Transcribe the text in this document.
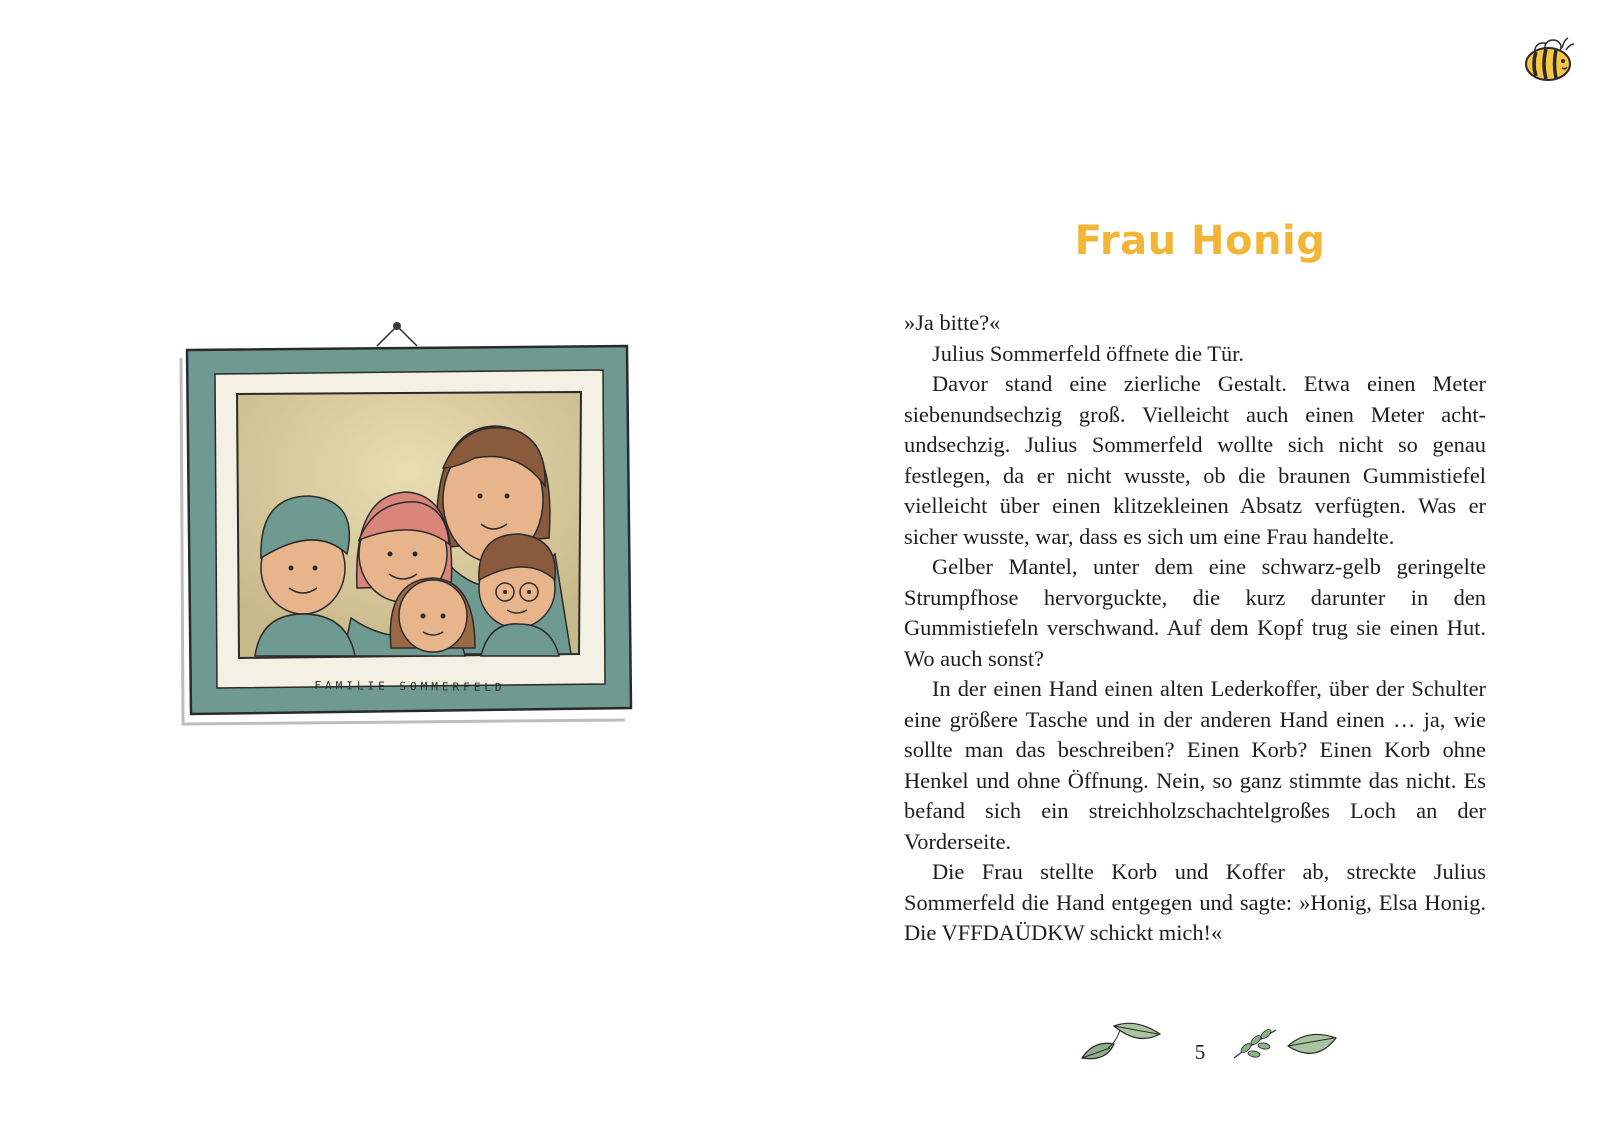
FAMILIE SOMMERFELD
Frau Honig

»Ja bitte?«

Julius Sommerfeld öffnete die Tür.

Davor stand eine zierliche Gestalt. Etwa einen Meter siebenundsechzig groß. Vielleicht auch einen Meter achtundsechzig. Julius Sommerfeld wollte sich nicht so genau festlegen, da er nicht wusste, ob die braunen Gummistiefel vielleicht über einen klitzekleinen Absatz verfügten. Was er sicher wusste, war, dass es sich um eine Frau handelte.

Gelber Mantel, unter dem eine schwarz-gelb geringelte Strumpfhose hervorguckte, die kurz darunter in den Gummistiefeln verschwand. Auf dem Kopf trug sie einen Hut. Wo auch sonst?

In der einen Hand einen alten Lederkoffer, über der Schulter eine größere Tasche und in der anderen Hand einen … ja, wie sollte man das beschreiben? Einen Korb? Einen Korb ohne Henkel und ohne Öffnung. Nein, so ganz stimmte das nicht. Es befand sich ein streichholzschachtelgroßes Loch an der Vorderseite.

Die Frau stellte Korb und Koffer ab, streckte Julius Sommerfeld die Hand entgegen und sagte: »Honig, Elsa Honig. Die VFFDAÜDKW schickt mich!«

5
